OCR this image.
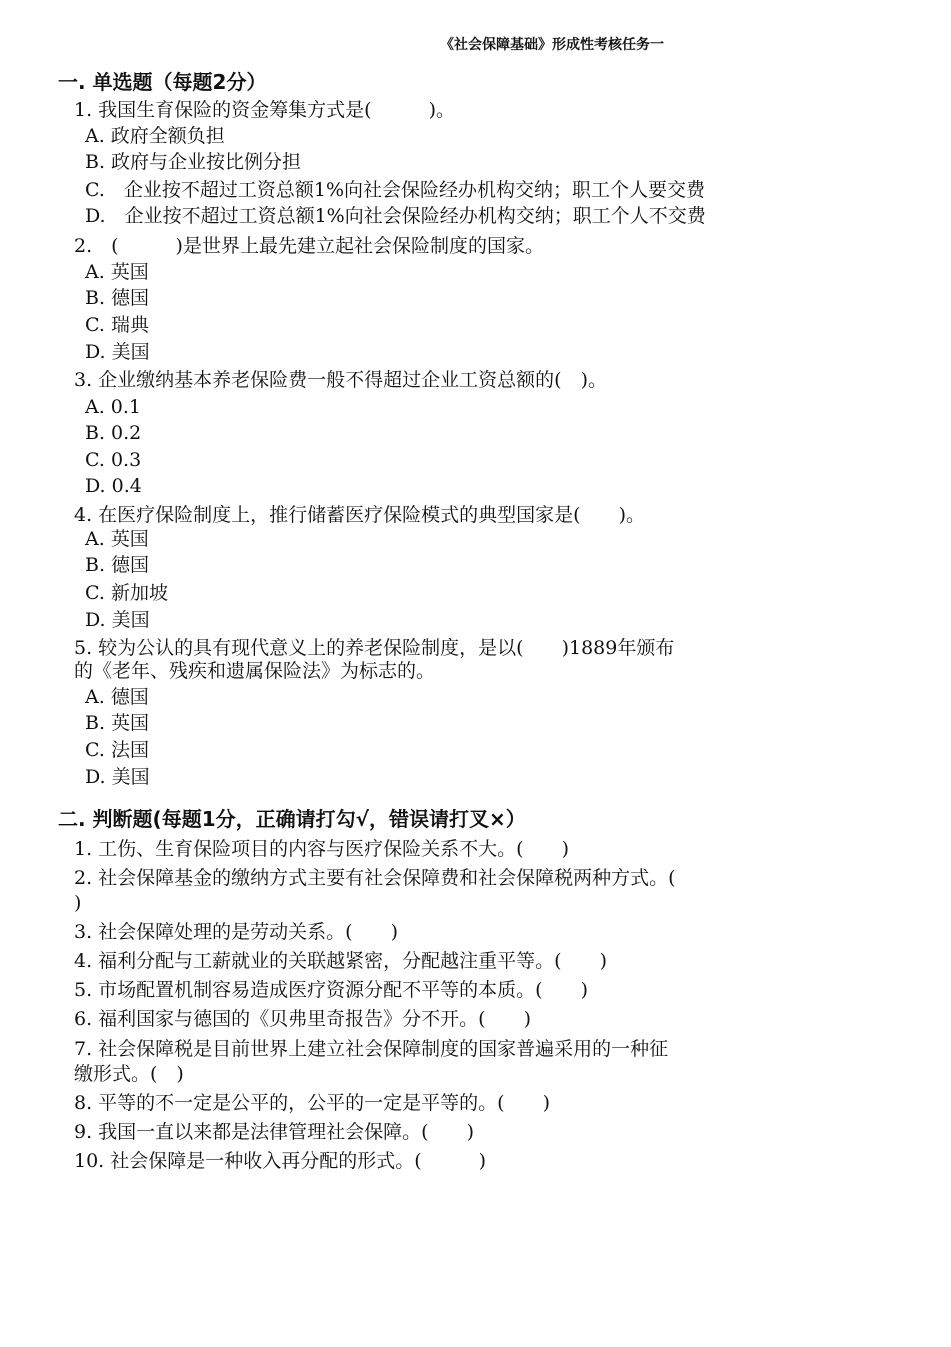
《社会保障基础》形成性考核任务一
一. 单选题（每题2分）
1. 我国生育保险的资金筹集方式是(　　　)。
A. 政府全额负担
B. 政府与企业按比例分担
C.　企业按不超过工资总额1%向社会保险经办机构交纳；职工个人要交费
D.　企业按不超过工资总额1%向社会保险经办机构交纳；职工个人不交费
2.　(　　　)是世界上最先建立起社会保险制度的国家。
A. 英国
B. 德国
C. 瑞典
D. 美国
3. 企业缴纳基本养老保险费一般不得超过企业工资总额的(　)。
A. 0.1
B. 0.2
C. 0.3
D. 0.4
4. 在医疗保险制度上，推行储蓄医疗保险模式的典型国家是(　　)。
A. 英国
B. 德国
C. 新加坡
D. 美国
5. 较为公认的具有现代意义上的养老保险制度，是以(　　)1889年颁布
的《老年、残疾和遗属保险法》为标志的。
A. 德国
B. 英国
C. 法国
D. 美国
二. 判断题(每题1分，正确请打勾√，错误请打叉×）
1. 工伤、生育保险项目的内容与医疗保险关系不大。(　　)
2. 社会保障基金的缴纳方式主要有社会保障费和社会保障税两种方式。(
)
3. 社会保障处理的是劳动关系。(　　)
4. 福利分配与工薪就业的关联越紧密，分配越注重平等。(　　)
5. 市场配置机制容易造成医疗资源分配不平等的本质。(　　)
6. 福利国家与德国的《贝弗里奇报告》分不开。(　　)
7. 社会保障税是目前世界上建立社会保障制度的国家普遍采用的一种征
缴形式。(　)
8. 平等的不一定是公平的，公平的一定是平等的。(　　)
9. 我国一直以来都是法律管理社会保障。(　　)
10. 社会保障是一种收入再分配的形式。(　　　)
